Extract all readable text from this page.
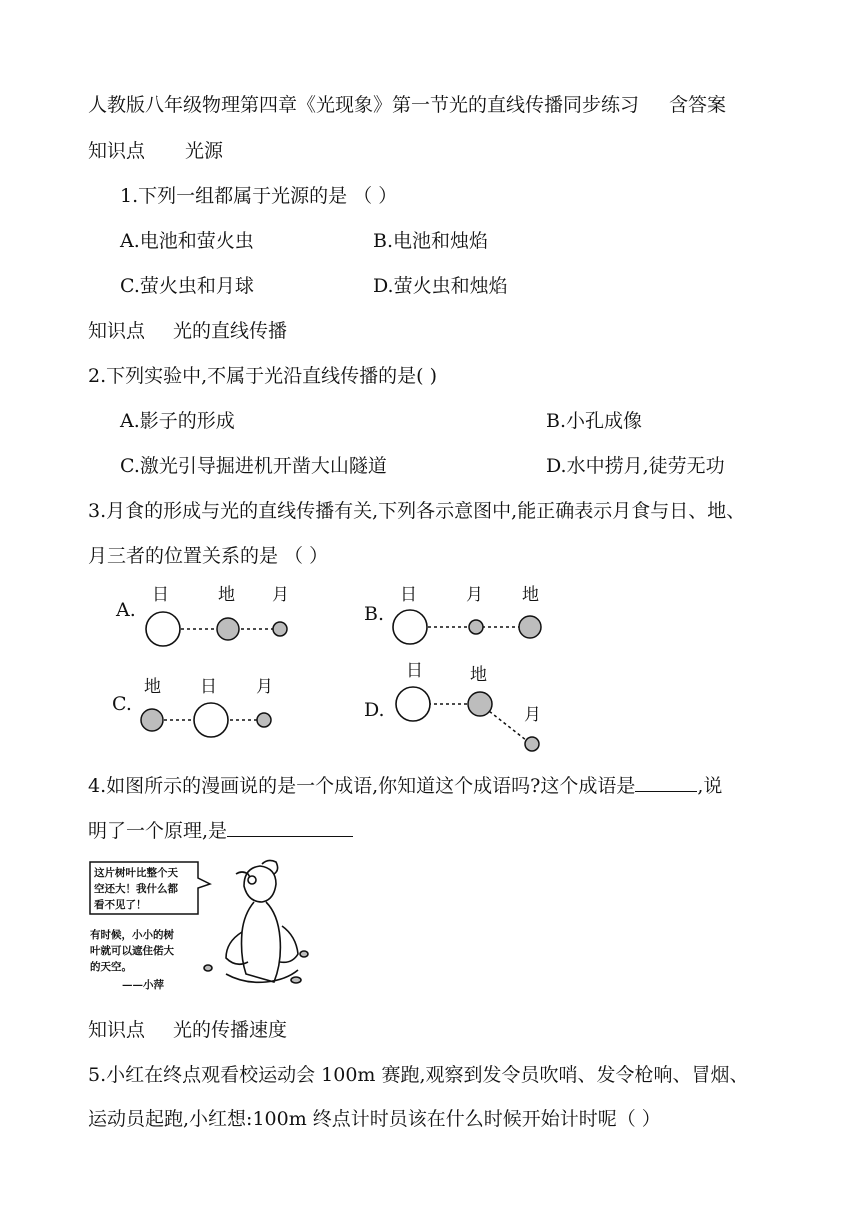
人教版八年级物理第四章《光现象》第一节光的直线传播同步练习 含答案
知识点 光源
1.下列一组都属于光源的是 （ ）
A.电池和萤火虫	B.电池和烛焰
C.萤火虫和月球	D.萤火虫和烛焰
知识点 光的直线传播
2.下列实验中,不属于光沿直线传播的是( )
A.影子的形成	B.小孔成像
C.激光引导掘进机开凿大山隧道	D.水中捞月,徒劳无功
3.月食的形成与光的直线传播有关,下列各示意图中,能正确表示月食与日、地、
月三者的位置关系的是 （ ）
A.
日	地 月
B.
日	月 地
C.
地 日 月
D.
日	地
月
4.如图所示的漫画说的是一个成语,你知道这个成语吗?这个成语是	,说
明了一个原理,是
这片树叶比整个天
空还大！我什么都
看不见了！
有时候，小小的树
叶就可以遮住偌大
的天空。
——小萍
知识点 光的传播速度
5.小红在终点观看校运动会 100m 赛跑,观察到发令员吹哨、发令枪响、冒烟、
运动员起跑,小红想:100m 终点计时员该在什么时候开始计时呢（ ）
